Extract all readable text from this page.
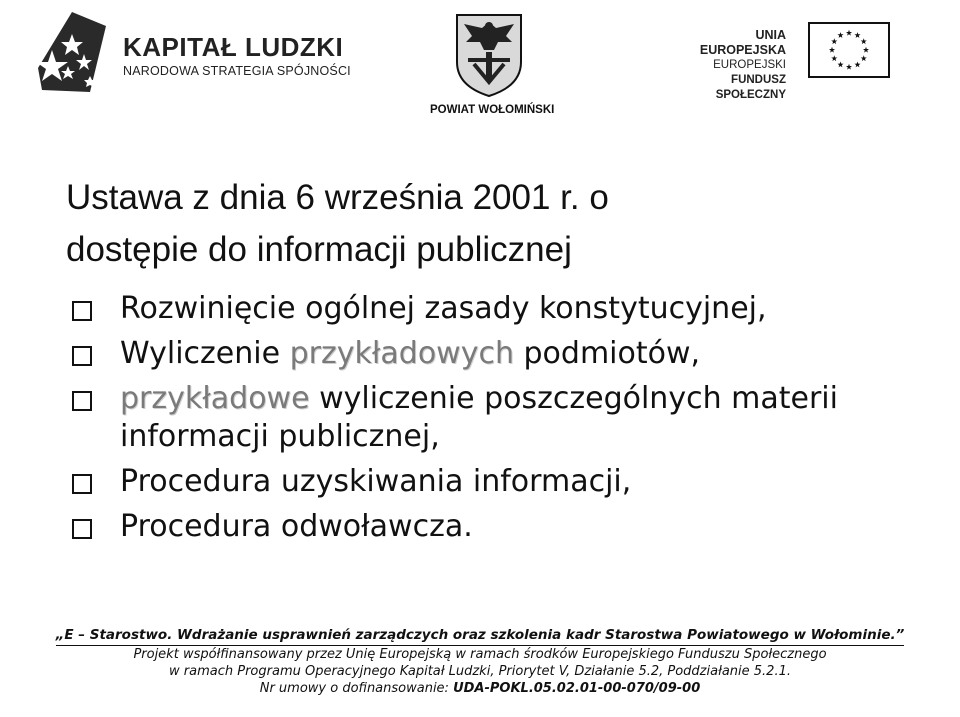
KAPITAŁ LUDZKI
NARODOWA STRATEGIA SPÓJNOŚCI
POWIAT WOŁOMIŃSKI
UNIA EUROPEJSKA
EUROPEJSKI
FUNDUSZ SPOŁECZNY
Ustawa z dnia 6 września 2001 r. o
dostępie do informacji publicznej
Rozwinięcie ogólnej zasady konstytucyjnej,
Wyliczenie przykładowych podmiotów,
przykładowe wyliczenie poszczególnych materii informacji publicznej,
Procedura uzyskiwania informacji,
Procedura odwoławcza.
„E – Starostwo. Wdrażanie usprawnień zarządczych oraz szkolenia kadr Starostwa Powiatowego w Wołominie.”
Projekt współfinansowany przez Unię Europejską w ramach środków Europejskiego Funduszu Społecznego
w ramach Programu Operacyjnego Kapitał Ludzki, Priorytet V, Działanie 5.2, Poddziałanie 5.2.1.
Nr umowy o dofinansowanie: UDA-POKL.05.02.01-00-070/09-00
